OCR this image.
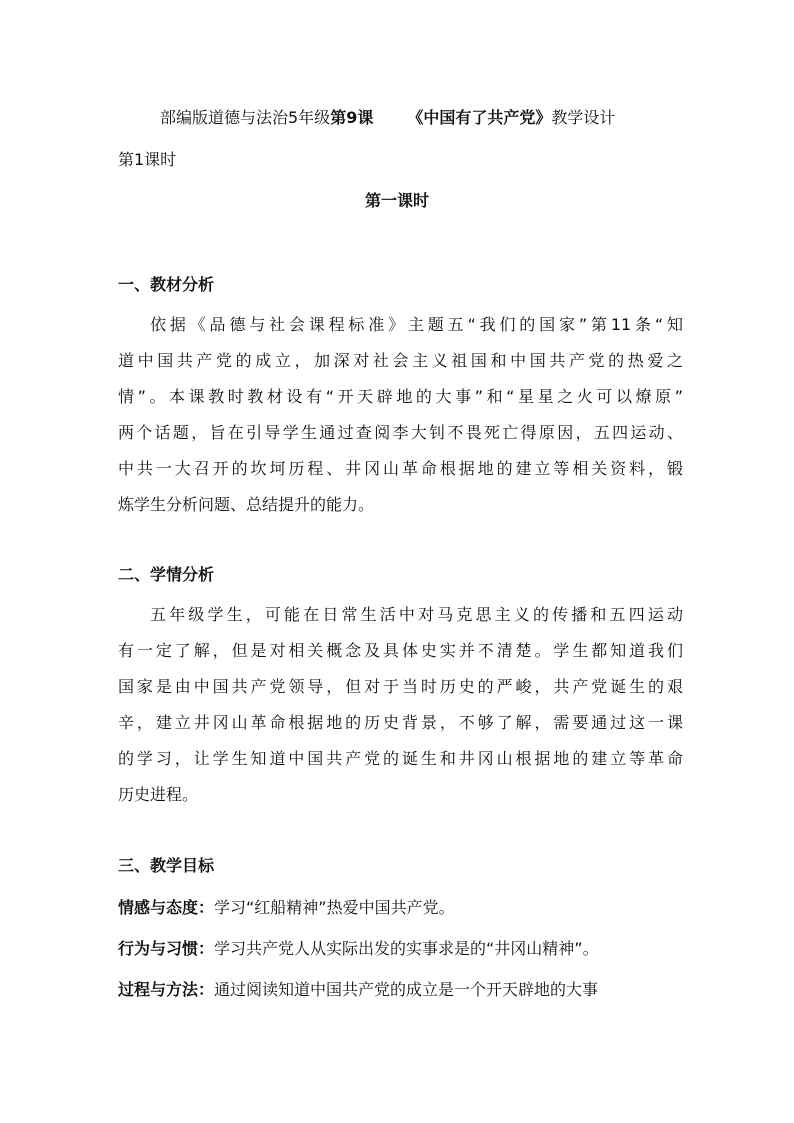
部编版道德与法治5年级第9课 《中国有了共产党》教学设计
第1课时
第一课时
一、教材分析
依据《品德与社会课程标准》主题五“我们的国家”第11条“知
道中国共产党的成立，加深对社会主义祖国和中国共产党的热爱之
情”。本课教时教材设有“开天辟地的大事”和“星星之火可以燎原”
两个话题，旨在引导学生通过查阅李大钊不畏死亡得原因，五四运动、
中共一大召开的坎坷历程、井冈山革命根据地的建立等相关资料，锻
炼学生分析问题、总结提升的能力。
二、学情分析
五年级学生，可能在日常生活中对马克思主义的传播和五四运动
有一定了解，但是对相关概念及具体史实并不清楚。学生都知道我们
国家是由中国共产党领导，但对于当时历史的严峻，共产党诞生的艰
辛，建立井冈山革命根据地的历史背景，不够了解，需要通过这一课
的学习，让学生知道中国共产党的诞生和井冈山根据地的建立等革命
历史进程。
三、教学目标
情感与态度：学习“红船精神”热爱中国共产党。
行为与习惯：学习共产党人从实际出发的实事求是的“井冈山精神”。
过程与方法：通过阅读知道中国共产党的成立是一个开天辟地的大事
